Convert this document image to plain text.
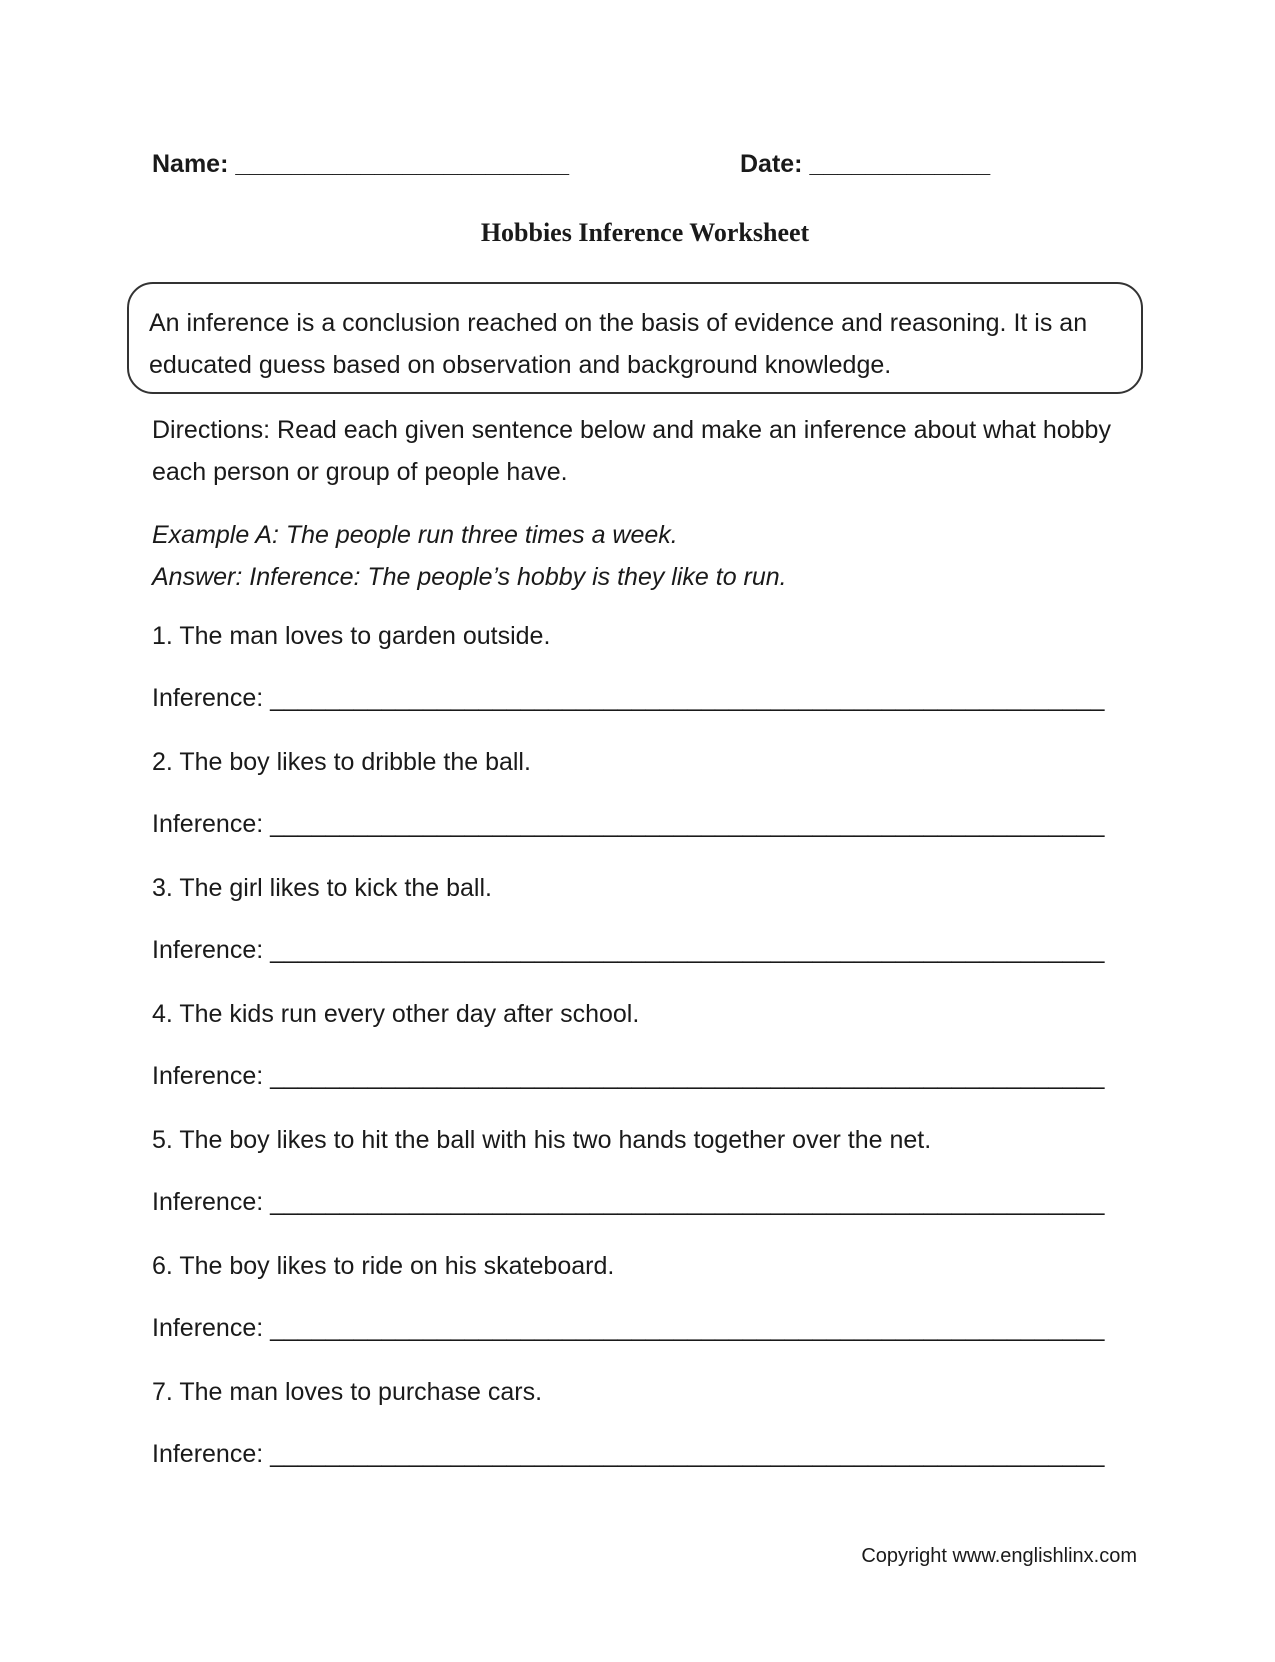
Name: ________________________	Date: _____________
Hobbies Inference Worksheet
An inference is a conclusion reached on the basis of evidence and reasoning. It is an educated guess based on observation and background knowledge.
Directions: Read each given sentence below and make an inference about what hobby each person or group of people have.
Example A: The people run three times a week.
Answer: Inference: The people’s hobby is they like to run.
1. The man loves to garden outside.
Inference: ____________________________________________________________
2. The boy likes to dribble the ball.
Inference: ____________________________________________________________
3. The girl likes to kick the ball.
Inference: ____________________________________________________________
4. The kids run every other day after school.
Inference: ____________________________________________________________
5. The boy likes to hit the ball with his two hands together over the net.
Inference: ____________________________________________________________
6. The boy likes to ride on his skateboard.
Inference: ____________________________________________________________
7. The man loves to purchase cars.
Inference: ____________________________________________________________
Copyright www.englishlinx.com
